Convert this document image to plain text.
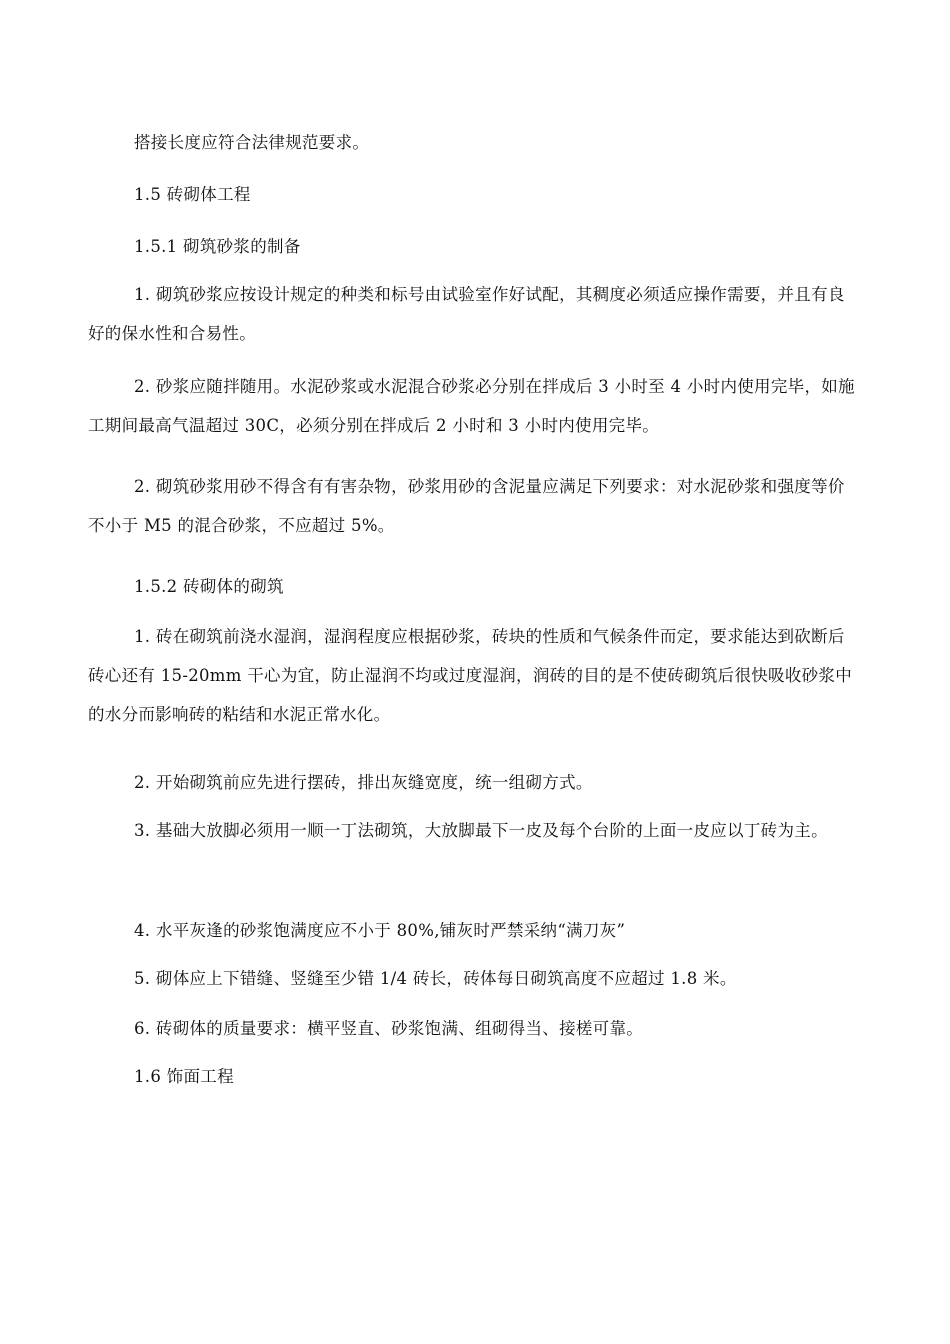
搭接长度应符合法律规范要求。

1.5 砖砌体工程

1.5.1 砌筑砂浆的制备

1. 砌筑砂浆应按设计规定的种类和标号由试验室作好试配，其稠度必须适应操作需要，并且有良好的保水性和合易性。

2. 砂浆应随拌随用。水泥砂浆或水泥混合砂浆必分别在拌成后 3 小时至 4 小时内使用完毕，如施工期间最高气温超过 30C，必须分别在拌成后 2 小时和 3 小时内使用完毕。

2. 砌筑砂浆用砂不得含有有害杂物，砂浆用砂的含泥量应满足下列要求：对水泥砂浆和强度等价不小于 M5 的混合砂浆，不应超过 5%。

1.5.2 砖砌体的砌筑

1. 砖在砌筑前浇水湿润，湿润程度应根据砂浆，砖块的性质和气候条件而定，要求能达到砍断后砖心还有 15-20mm 干心为宜，防止湿润不均或过度湿润，润砖的目的是不使砖砌筑后很快吸收砂浆中的水分而影响砖的粘结和水泥正常水化。

2. 开始砌筑前应先进行摆砖，排出灰缝宽度，统一组砌方式。

3. 基础大放脚必须用一顺一丁法砌筑，大放脚最下一皮及每个台阶的上面一皮应以丁砖为主。

4. 水平灰逢的砂浆饱满度应不小于 80%,铺灰时严禁采纳“满刀灰”

5. 砌体应上下错缝、竖缝至少错 1/4 砖长，砖体每日砌筑高度不应超过 1.8 米。

6. 砖砌体的质量要求：横平竖直、砂浆饱满、组砌得当、接槎可靠。

1.6 饰面工程
